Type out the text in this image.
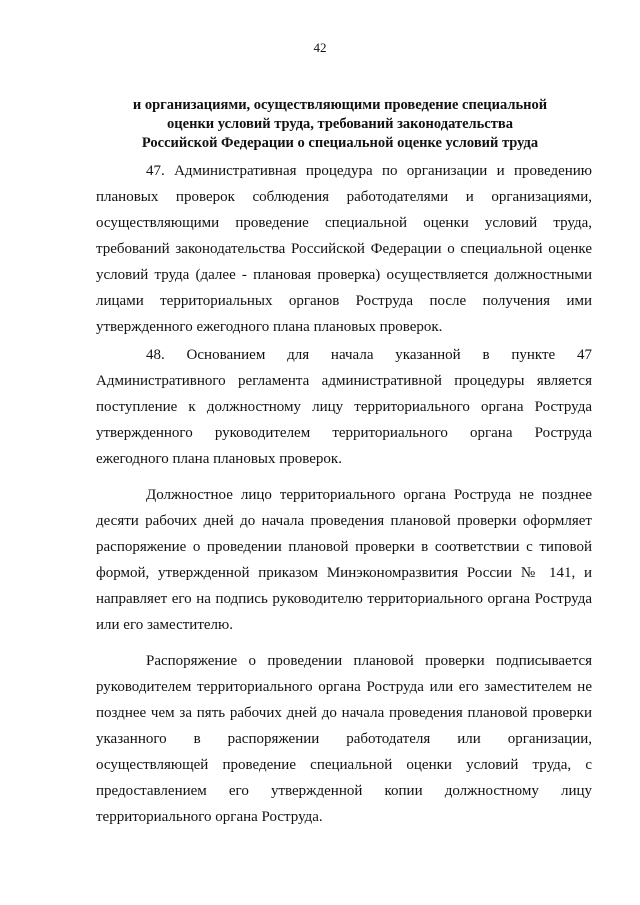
42
и организациями, осуществляющими проведение специальной
оценки условий труда, требований законодательства
Российской Федерации о специальной оценке условий труда

47. Административная процедура по организации и проведению плановых проверок соблюдения работодателями и организациями, осуществляющими проведение специальной оценки условий труда, требований законодательства Российской Федерации о специальной оценке условий труда (далее - плановая проверка) осуществляется должностными лицами территориальных органов Роструда после получения ими утвержденного ежегодного плана плановых проверок.

48. Основанием для начала указанной в пункте 47 Административного регламента административной процедуры является поступление к должностному лицу территориального органа Роструда утвержденного руководителем территориального органа Роструда ежегодного плана плановых проверок.

Должностное лицо территориального органа Роструда не позднее десяти рабочих дней до начала проведения плановой проверки оформляет распоряжение о проведении плановой проверки в соответствии с типовой формой, утвержденной приказом Минэкономразвития России № 141, и направляет его на подпись руководителю территориального органа Роструда или его заместителю.

Распоряжение о проведении плановой проверки подписывается руководителем территориального органа Роструда или его заместителем не позднее чем за пять рабочих дней до начала проведения плановой проверки указанного в распоряжении работодателя или организации, осуществляющей проведение специальной оценки условий труда, с предоставлением его утвержденной копии должностному лицу территориального органа Роструда.
